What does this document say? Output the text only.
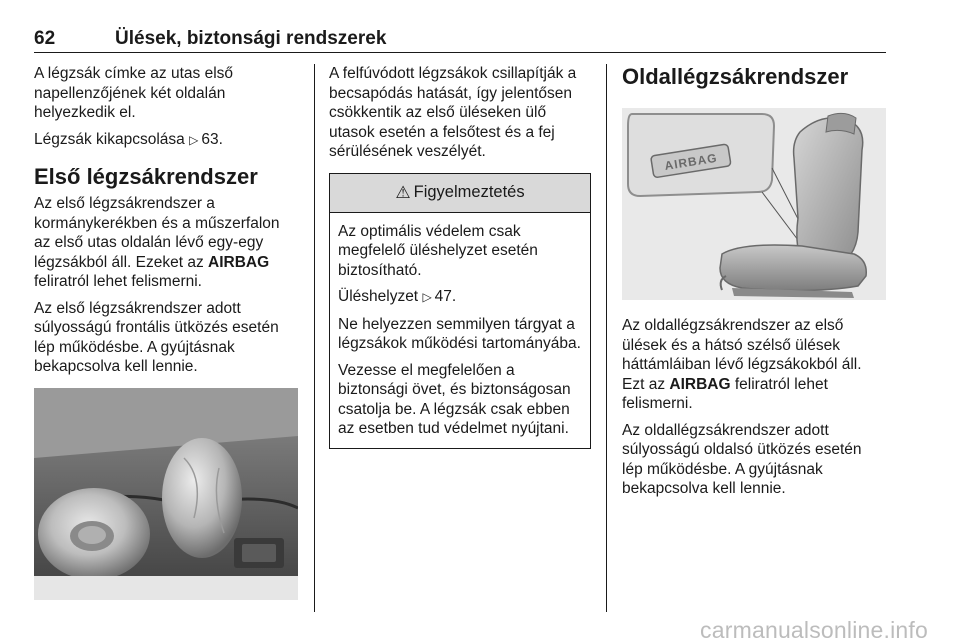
62	Ülések, biztonsági rendszerek

A légzsák címke az utas első napellenzőjének két oldalán helyezkedik el.

Légzsák kikapcsolása ▷ 63.

Első légzsákrendszer

Az első légzsákrendszer a kormánykerékben és a műszerfalon az első utas oldalán lévő egy-egy légzsákból áll. Ezeket az AIRBAG feliratról lehet felismerni.

Az első légzsákrendszer adott súlyosságú frontális ütközés esetén lép működésbe. A gyújtásnak bekapcsolva kell lennie.

A felfúvódott légzsákok csillapítják a becsapódás hatását, így jelentősen csökkentik az első üléseken ülő utasok esetén a felsőtest és a fej sérülésének veszélyét.

⚠ Figyelmeztetés

Az optimális védelem csak megfelelő üléshelyzet esetén biztosítható.

Üléshelyzet ▷ 47.

Ne helyezzen semmilyen tárgyat a légzsákok működési tartományába.

Vezesse el megfelelően a biztonsági övet, és biztonságosan csatolja be. A légzsák csak ebben az esetben tud védelmet nyújtani.

Oldallégzsákrendszer
AIRBAG

Az oldallégzsákrendszer az első ülések és a hátsó szélső ülések háttámláiban lévő légzsákokból áll. Ezt az AIRBAG feliratról lehet felismerni.

Az oldallégzsákrendszer adott súlyosságú oldalsó ütközés esetén lép működésbe. A gyújtásnak bekapcsolva kell lennie.

carmanualsonline.info
